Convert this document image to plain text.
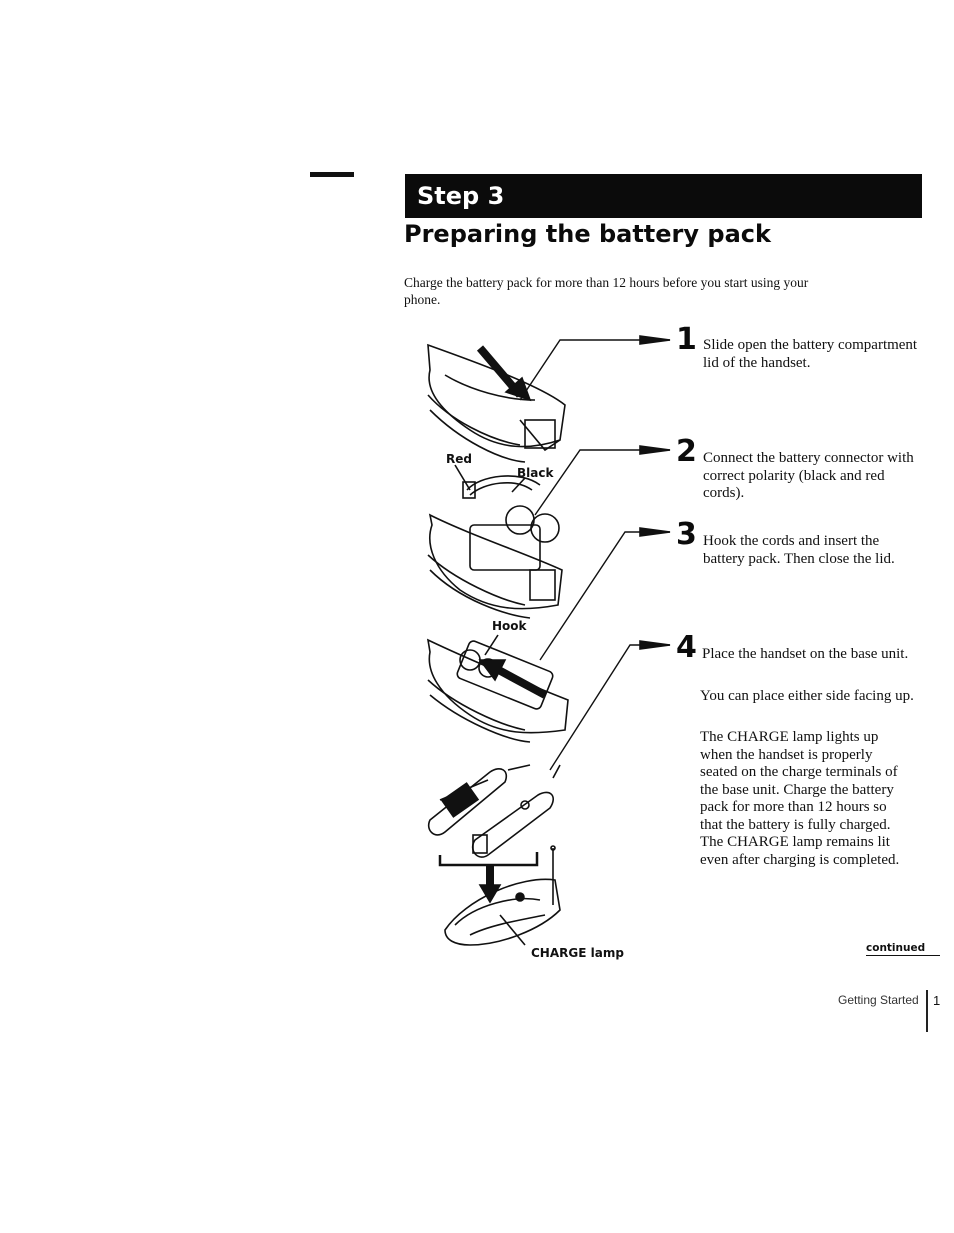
Step 3
Preparing the battery pack
Charge the battery pack for more than 12 hours before you start using your phone.
Red
Black
Hook
CHARGE lamp
1 Slide open the battery compartment lid of the handset.
2 Connect the battery connector with correct polarity (black and red cords).
3 Hook the cords and insert the battery pack. Then close the lid.
4 Place the handset on the base unit.
You can place either side facing up.
The CHARGE lamp lights up when the handset is properly seated on the charge terminals of the base unit. Charge the battery pack for more than 12 hours so that the battery is fully charged. The CHARGE lamp remains lit even after charging is completed.
continued
Getting Started 1
